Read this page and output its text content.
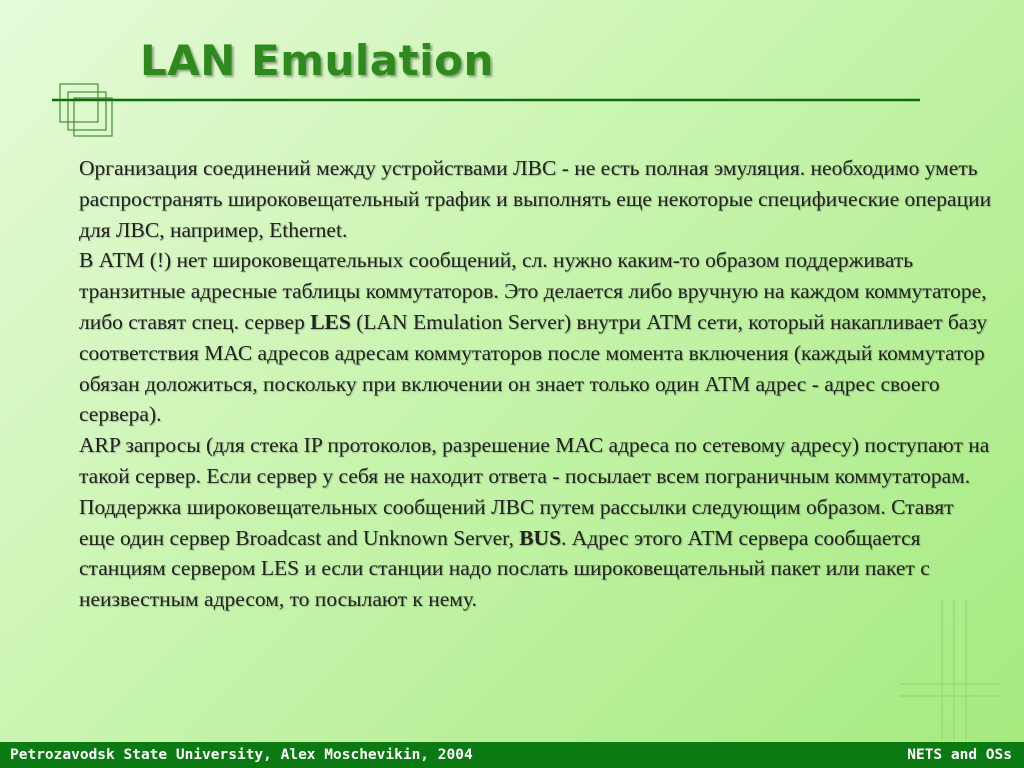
LAN Emulation

Организация соединений между устройствами ЛВС - не есть полная эмуляция. необходимо уметь распространять широковещательный трафик и выполнять еще некоторые специфические операции для ЛВС, например, Ethernet.

В АТМ (!) нет широковещательных сообщений, сл. нужно каким-то образом поддерживать транзитные адресные таблицы коммутаторов. Это делается либо вручную на каждом коммутаторе, либо ставят спец. сервер LES (LAN Emulation Server) внутри АТМ сети, который накапливает базу соответствия МАС адресов адресам коммутаторов после момента включения (каждый коммутатор обязан доложиться, поскольку при включении он знает только один АТМ адрес - адрес своего сервера).

ARP запросы (для стека IP протоколов, разрешение МАС адреса по сетевому адресу) поступают на такой сервер. Если сервер у себя не находит ответа - посылает всем пограничным коммутаторам.

Поддержка широковещательных сообщений ЛВС путем рассылки следующим образом. Ставят еще один сервер Broadcast and Unknown Server, BUS. Адрес этого АТМ сервера сообщается станциям сервером LES и если станции надо послать широковещательный пакет или пакет с неизвестным адресом, то посылают к нему.

Petrozavodsk State University, Alex Moschevikin, 2004	NETS and OSs
